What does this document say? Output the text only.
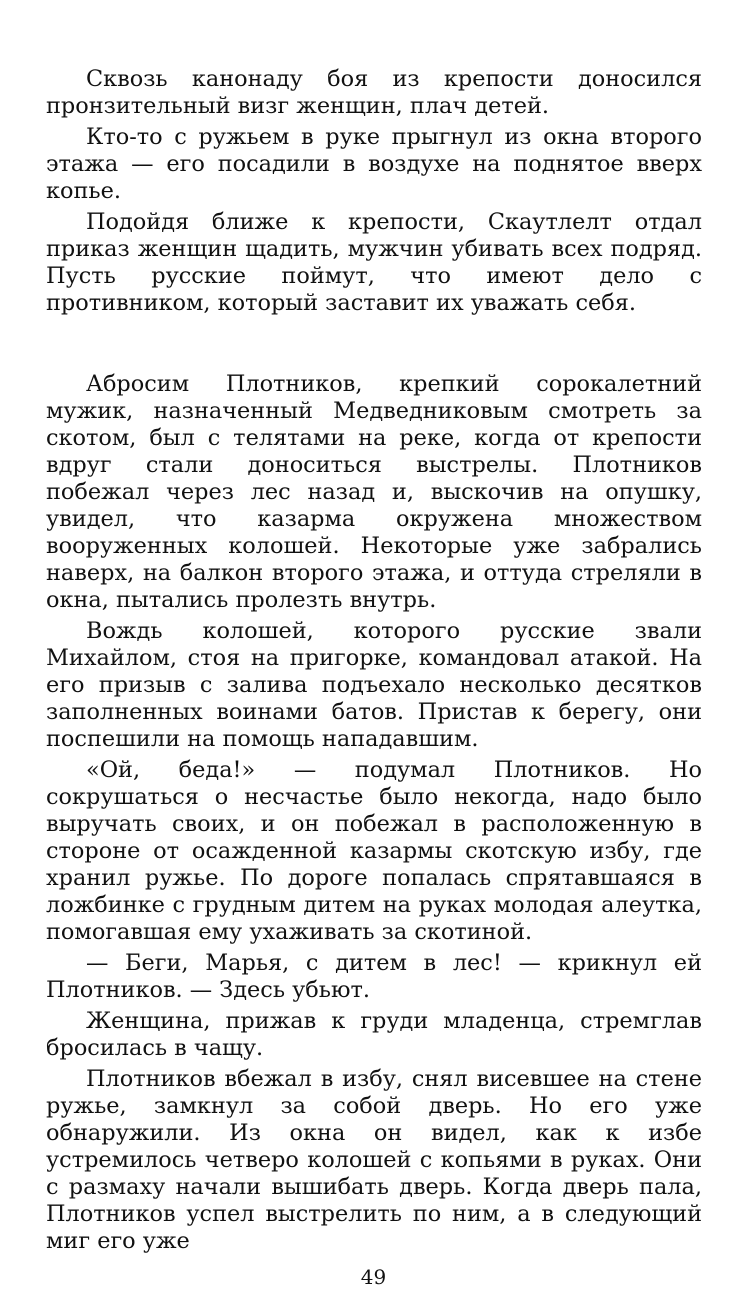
Сквозь канонаду боя из крепости доносился пронзительный визг женщин, плач детей.

Кто-то с ружьем в руке прыгнул из окна второго этажа — его посадили в воздухе на поднятое вверх копье.

Подойдя ближе к крепости, Скаутлелт отдал приказ женщин щадить, мужчин убивать всех подряд. Пусть русские поймут, что имеют дело с противником, который заставит их уважать себя.

Абросим Плотников, крепкий сорокалетний мужик, назначенный Медведниковым смотреть за скотом, был с телятами на реке, когда от крепости вдруг стали доноситься выстрелы. Плотников побежал через лес назад и, выскочив на опушку, увидел, что казарма окружена множеством вооруженных колошей. Некоторые уже забрались наверх, на балкон второго этажа, и оттуда стреляли в окна, пытались пролезть внутрь.

Вождь колошей, которого русские звали Михайлом, стоя на пригорке, командовал атакой. На его призыв с залива подъехало несколько десятков заполненных воинами батов. Пристав к берегу, они поспешили на помощь нападавшим.

«Ой, беда!» — подумал Плотников. Но сокрушаться о несчастье было некогда, надо было выручать своих, и он побежал в расположенную в стороне от осажденной казармы скотскую избу, где хранил ружье. По дороге попалась спрятавшаяся в ложбинке с грудным дитем на руках молодая алеутка, помогавшая ему ухаживать за скотиной.

— Беги, Марья, с дитем в лес! — крикнул ей Плотников. — Здесь убьют.

Женщина, прижав к груди младенца, стремглав бросилась в чащу.

Плотников вбежал в избу, снял висевшее на стене ружье, замкнул за собой дверь. Но его уже обнаружили. Из окна он видел, как к избе устремилось четверо колошей с копьями в руках. Они с размаху начали вышибать дверь. Когда дверь пала, Плотников успел выстрелить по ним, а в следующий миг его уже

49
